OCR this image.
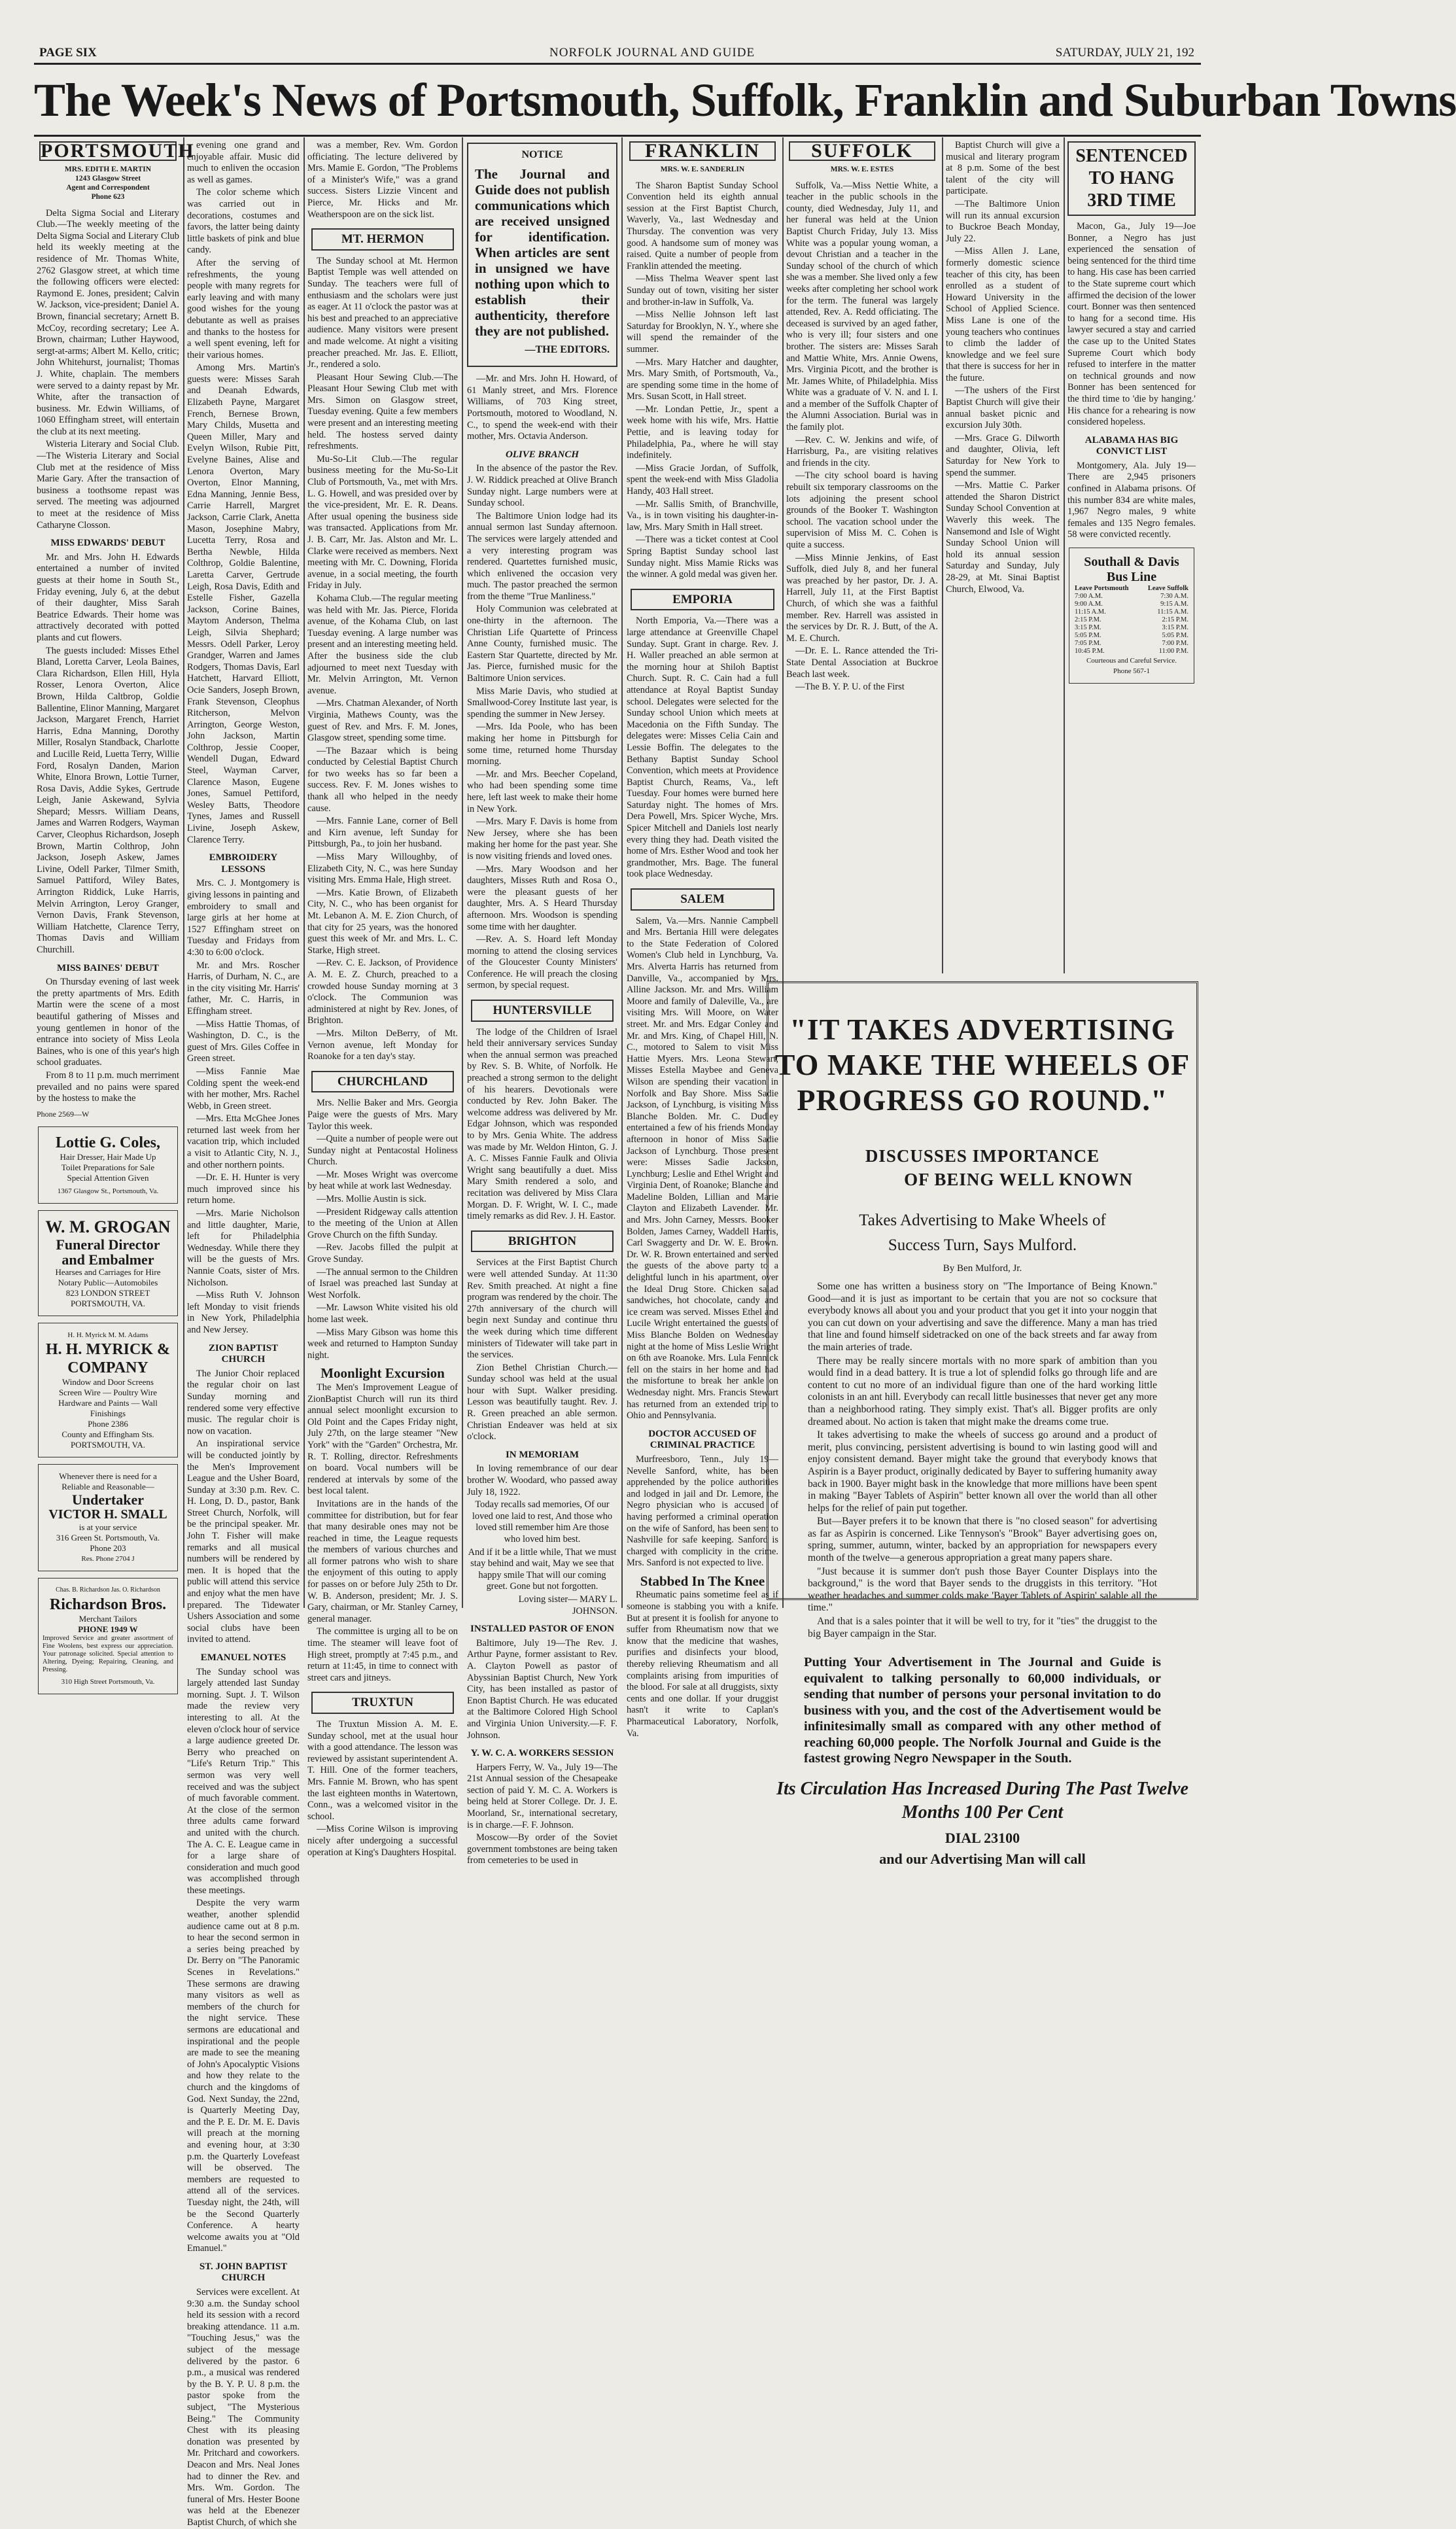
PAGE SIX	NORFOLK JOURNAL AND GUIDE	SATURDAY, JULY 21, 192
The Week's News of Portsmouth, Suffolk, Franklin and Suburban Towns
PORTSMOUTH
MRS. EDITH E. MARTIN
1243 Glasgow Street
Agent and Correspondent
Phone 623

Delta Sigma Social and Literary Club.—The weekly meeting of the Delta Sigma Social and Literary Club held its weekly meeting at the residence of Mr. Thomas White, 2762 Glasgow street, at which time the following officers were elected: Raymond E. Jones, president; Calvin W. Jackson, vice-president; Daniel A. Brown, financial secretary; Arnett B. McCoy, recording secretary; Lee A. Brown, chairman; Luther Haywood, sergt-at-arms; Albert M. Kello, critic; John Whitehurst, journalist; Thomas J. White, chaplain. The members were served to a dainty repast by Mr. White, after the transaction of business. Mr. Edwin Williams, of 1060 Effingham street, will entertain the club at its next meeting.

Wisteria Literary and Social Club.—The Wisteria Literary and Social Club met at the residence of Miss Marie Gary. After the transaction of business a toothsome repast was served. The meeting was adjourned to meet at the residence of Miss Catharyne Closson.

MISS EDWARDS' DEBUT

Mr. and Mrs. John H. Edwards entertained a number of invited guests at their home in South St., Friday evening, July 6, at the debut of their daughter, Miss Sarah Beatrice Edwards. Their home was attractively decorated with potted plants and cut flowers.

The guests included: Misses Ethel Bland, Loretta Carver, Leola Baines, Clara Richardson, Ellen Hill, Hyla Rosser, Lenora Overton, Alice Brown, Hilda Caltbrop, Goldie Ballentine, Elinor Manning, Margaret Jackson, Margaret French, Harriet Harris, Edna Manning, Dorothy Miller, Rosalyn Standback, Charlotte and Lucille Reid, Luetta Terry, Willie Ford, Rosalyn Danden, Marion White, Elnora Brown, Lottie Turner, Rosa Davis, Addie Sykes, Gertrude Leigh, Janie Askewand, Sylvia Shepard; Messrs. William Deans, James and Warren Rodgers, Wayman Carver, Cleophus Richardson, Joseph Brown, Martin Colthrop, John Jackson, Joseph Askew, James Livine, Odell Parker, Tilmer Smith, Samuel Pattiford, Wiley Bates, Arrington Riddick, Luke Harris, Melvin Arrington, Leroy Granger, Vernon Davis, Frank Stevenson, William Hatchette, Clarence Terry, Thomas Davis and William Churchill.

MISS BAINES' DEBUT

On Thursday evening of last week the pretty apartments of Mrs. Edith Martin were the scene of a most beautiful gathering of Misses and young gentlemen in honor of the entrance into society of Miss Leola Baines, who is one of this year's high school graduates.

From 8 to 11 p.m. much merriment prevailed and no pains were spared by the hostess to make the

Phone 2569—W
Lottie G. Coles,
Hair Dresser, Hair Made Up
Toilet Preparations for Sale
Special Attention Given
1367 Glasgow St., Portsmouth, Va.
W. M. GROGAN
Funeral Director
and Embalmer
Hearses and Carriages for Hire
Notary Public—Automobiles
823 LONDON STREET
PORTSMOUTH, VA.
H. H. Myrick M. M. Adams
H. H. MYRICK & COMPANY
Window and Door Screens
Screen Wire — Poultry Wire
Hardware and Paints — Wall Finishings
Phone 2386
County and Effingham Sts.
PORTSMOUTH, VA.
Whenever there is need for a
Reliable and Reasonable—
Undertaker
VICTOR H. SMALL
is at your service
316 Green St. Portsmouth, Va.
Phone 203
Res. Phone 2704 J
Chas. B. Richardson Jas. O. Richardson
Richardson Bros.
Merchant Tailors
PHONE 1949 W
Improved Service and greater assortment of Fine Woolens, best express our appreciation. Your patronage solicited. Special attention to Altering, Dyeing; Repairing, Cleaning, and Pressing.
310 High Street Portsmouth, Va.

evening one grand and enjoyable affair. Music did much to enliven the occasion as well as games.

The color scheme which was carried out in decorations, costumes and favors, the latter being dainty little baskets of pink and blue candy.

After the serving of refreshments, the young people with many regrets for early leaving and with many good wishes for the young debutante as well as praises and thanks to the hostess for a well spent evening, left for their various homes.

Among Mrs. Martin's guests were: Misses Sarah and Deanah Edwards, Elizabeth Payne, Margaret French, Bernese Brown, Mary Childs, Musetta and Queen Miller, Mary and Evelyn Wilson, Rubie Pitt, Evelyne Baines, Alise and Lenora Overton, Mary Overton, Elnor Manning, Edna Manning, Jennie Bess, Carrie Harrell, Margret Jackson, Carrie Clark, Anetta Mason, Josephine Mabry, Lucetta Terry, Rosa and Bertha Newble, Hilda Colthrop, Goldie Balentine, Laretta Carver, Gertrude Leigh, Rosa Davis, Edith and Estelle Fisher, Gazella Jackson, Corine Baines, Maytom Anderson, Thelma Leigh, Silvia Shephard; Messrs. Odell Parker, Leroy Grandger, Warren and James Rodgers, Thomas Davis, Earl Hatchett, Harvard Elliott, Ocie Sanders, Joseph Brown, Frank Stevenson, Cleophus Ritcherson, Melvon Arrington, George Weston, John Jackson, Martin Colthrop, Jessie Cooper, Wendell Dugan, Edward Steel, Wayman Carver, Clarence Mason, Eugene Jones, Samuel Pettiford, Wesley Batts, Theodore Tynes, James and Russell Livine, Joseph Askew, Clarence Terry.

EMBROIDERY LESSONS

Mrs. C. J. Montgomery is giving lessons in painting and embroidery to small and large girls at her home at 1527 Effingham street on Tuesday and Fridays from 4:30 to 6:00 o'clock.

Mr. and Mrs. Roscher Harris, of Durham, N. C., are in the city visiting Mr. Harris' father, Mr. C. Harris, in Effingham street.

—Miss Hattie Thomas, of Washington, D. C., is the guest of Mrs. Giles Coffee in Green street.

—Miss Fannie Mae Colding spent the week-end with her mother, Mrs. Rachel Webb, in Green street.

—Mrs. Etta McGhee Jones returned last week from her vacation trip, which included a visit to Atlantic City, N. J., and other northern points.

—Dr. E. H. Hunter is very much improved since his return home.

—Mrs. Marie Nicholson and little daughter, Marie, left for Philadelphia Wednesday. While there they will be the guests of Mrs. Nannie Coats, sister of Mrs. Nicholson.

—Miss Ruth V. Johnson left Monday to visit friends in New York, Philadelphia and New Jersey.

ZION BAPTIST CHURCH

The Junior Choir replaced the regular choir on last Sunday morning and rendered some very effective music. The regular choir is now on vacation.

An inspirational service will be conducted jointly by the Men's Improvement League and the Usher Board, Sunday at 3:30 p.m. Rev. C. H. Long, D. D., pastor, Bank Street Church, Norfolk, will be the principal speaker. Mr. John T. Fisher will make remarks and all musical numbers will be rendered by men. It is hoped that the public will attend this service and enjoy what the men have prepared. The Tidewater Ushers Association and some social clubs have been invited to attend.

EMANUEL NOTES

The Sunday school was largely attended last Sunday morning. Supt. J. T. Wilson made the review very interesting to all. At the eleven o'clock hour of service a large audience greeted Dr. Berry who preached on "Life's Return Trip." This sermon was very well received and was the subject of much favorable comment. At the close of the sermon three adults came forward and united with the church. The A. C. E. League came in for a large share of consideration and much good was accomplished through these meetings.

Despite the very warm weather, another splendid audience came out at 8 p.m. to hear the second sermon in a series being preached by Dr. Berry on "The Panoramic Scenes in Revelations." These sermons are drawing many visitors as well as members of the church for the night service. These sermons are educational and inspirational and the people are made to see the meaning of John's Apocalyptic Visions and how they relate to the church and the kingdoms of God. Next Sunday, the 22nd, is Quarterly Meeting Day, and the P. E. Dr. M. E. Davis will preach at the morning and evening hour, at 3:30 p.m. the Quarterly Lovefeast will be observed. The members are requested to attend all of the services. Tuesday night, the 24th, will be the Second Quarterly Conference. A hearty welcome awaits you at "Old Emanuel."

ST. JOHN BAPTIST CHURCH

Services were excellent. At 9:30 a.m. the Sunday school held its session with a record breaking attendance. 11 a.m. "Touching Jesus," was the subject of the message delivered by the pastor. 6 p.m., a musical was rendered by the B. Y. P. U. 8 p.m. the pastor spoke from the subject, "The Mysterious Being." The Community Chest with its pleasing donation was presented by Mr. Pritchard and coworkers. Deacon and Mrs. Neal Jones had to dinner the Rev. and Mrs. Wm. Gordon. The funeral of Mrs. Hester Boone was held at the Ebenezer Baptist Church, of which she

was a member, Rev. Wm. Gordon officiating. The lecture delivered by Mrs. Mamie E. Gordon, "The Problems of a Minister's Wife," was a grand success. Sisters Lizzie Vincent and Pierce, Mr. Hicks and Mr. Weatherspoon are on the sick list.

MT. HERMON

The Sunday school at Mt. Hermon Baptist Temple was well attended on Sunday. The teachers were full of enthusiasm and the scholars were just as eager. At 11 o'clock the pastor was at his best and preached to an appreciative audience. Many visitors were present and made welcome. At night a visiting preacher preached. Mr. Jas. E. Elliott, Jr., rendered a solo.

Pleasant Hour Sewing Club.—The Pleasant Hour Sewing Club met with Mrs. Simon on Glasgow street, Tuesday evening. Quite a few members were present and an interesting meeting held. The hostess served dainty refreshments.

Mu-So-Lit Club.—The regular business meeting for the Mu-So-Lit Club of Portsmouth, Va., met with Mrs. L. G. Howell, and was presided over by the vice-president, Mr. E. R. Deans. After usual opening the business side was transacted. Applications from Mr. J. B. Carr, Mr. Jas. Alston and Mr. L. Clarke were received as members. Next meeting with Mr. C. Downing, Florida avenue, in a social meeting, the fourth Friday in July.

Kohama Club.—The regular meeting was held with Mr. Jas. Pierce, Florida avenue, of the Kohama Club, on last Tuesday evening. A large number was present and an interesting meeting held. After the business side the club adjourned to meet next Tuesday with Mr. Melvin Arrington, Mt. Vernon avenue.

—Mrs. Chatman Alexander, of North Virginia, Mathews County, was the guest of Rev. and Mrs. F. M. Jones, Glasgow street, spending some time.

—The Bazaar which is being conducted by Celestial Baptist Church for two weeks has so far been a success. Rev. F. M. Jones wishes to thank all who helped in the needy cause.

—Mrs. Fannie Lane, corner of Bell and Kirn avenue, left Sunday for Pittsburgh, Pa., to join her husband.

—Miss Mary Willoughby, of Elizabeth City, N. C., was here Sunday visiting Mrs. Emma Hale, High street.

—Mrs. Katie Brown, of Elizabeth City, N. C., who has been organist for Mt. Lebanon A. M. E. Zion Church, of that city for 25 years, was the honored guest this week of Mr. and Mrs. L. C. Starke, High street.

—Rev. C. E. Jackson, of Providence A. M. E. Z. Church, preached to a crowded house Sunday morning at 3 o'clock. The Communion was administered at night by Rev. Jones, of Brighton.

—Mrs. Milton DeBerry, of Mt. Vernon avenue, left Monday for Roanoke for a ten day's stay.

CHURCHLAND

Mrs. Nellie Baker and Mrs. Georgia Paige were the guests of Mrs. Mary Taylor this week.

—Quite a number of people were out Sunday night at Pentacostal Holiness Church.

—Mr. Moses Wright was overcome by heat while at work last Wednesday.

—Mrs. Mollie Austin is sick.

—President Ridgeway calls attention to the meeting of the Union at Allen Grove Church on the fifth Sunday.

—Rev. Jacobs filled the pulpit at Grove Sunday.

—The annual sermon to the Children of Israel was preached last Sunday at West Norfolk.

—Mr. Lawson White visited his old home last week.

—Miss Mary Gibson was home this week and returned to Hampton Sunday night.

Moonlight Excursion

The Men's Improvement League of ZionBaptist Church will run its third annual select moonlight excursion to Old Point and the Capes Friday night, July 27th, on the large steamer "New York" with the "Garden" Orchestra, Mr. R. T. Rolling, director. Refreshments on board. Vocal numbers will be rendered at intervals by some of the best local talent.

Invitations are in the hands of the committee for distribution, but for fear that many desirable ones may not be reached in time, the League requests the members of various churches and all former patrons who wish to share the enjoyment of this outing to apply for passes on or before July 25th to Dr. W. B. Anderson, president; Mr. J. S. Gary, chairman, or Mr. Stanley Carney, general manager.

The committee is urging all to be on time. The steamer will leave foot of High street, promptly at 7:45 p.m., and return at 11:45, in time to connect with street cars and jitneys.

TRUXTUN

The Truxtun Mission A. M. E. Sunday school, met at the usual hour with a good attendance. The lesson was reviewed by assistant superintendent A. T. Hill. One of the former teachers, Mrs. Fannie M. Brown, who has spent the last eighteen months in Watertown, Conn., was a welcomed visitor in the school.

—Miss Corine Wilson is improving nicely after undergoing a successful operation at King's Daughters Hospital.

NOTICE
The Journal and Guide does not publish communications which are received unsigned for identification. When articles are sent in unsigned we have nothing upon which to establish their authenticity, therefore they are not published.
—THE EDITORS.

—Mr. and Mrs. John H. Howard, of 61 Manly street, and Mrs. Florence Williams, of 703 King street, Portsmouth, motored to Woodland, N. C., to spend the week-end with their mother, Mrs. Octavia Anderson.

OLIVE BRANCH

In the absence of the pastor the Rev. J. W. Riddick preached at Olive Branch Sunday night. Large numbers were at Sunday school.

The Baltimore Union lodge had its annual sermon last Sunday afternoon. The services were largely attended and a very interesting program was rendered. Quartettes furnished music, which enlivened the occasion very much. The pastor preached the sermon from the theme "True Manliness."

Holy Communion was celebrated at one-thirty in the afternoon. The Christian Life Quartette of Princess Anne County, furnished music. The Eastern Star Quartette, directed by Mr. Jas. Pierce, furnished music for the Baltimore Union services.

Miss Marie Davis, who studied at Smallwood-Corey Institute last year, is spending the summer in New Jersey.

—Mrs. Ida Poole, who has been making her home in Pittsburgh for some time, returned home Thursday morning.

—Mr. and Mrs. Beecher Copeland, who had been spending some time here, left last week to make their home in New York.

—Mrs. Mary F. Davis is home from New Jersey, where she has been making her home for the past year. She is now visiting friends and loved ones.

—Mrs. Mary Woodson and her daughters, Misses Ruth and Rosa O., were the pleasant guests of her daughter, Mrs. A. S Heard Thursday afternoon. Mrs. Woodson is spending some time with her daughter.

—Rev. A. S. Hoard left Monday morning to attend the closing services of the Gloucester County Ministers' Conference. He will preach the closing sermon, by special request.

HUNTERSVILLE

The lodge of the Children of Israel held their anniversary services Sunday when the annual sermon was preached by Rev. S. B. White, of Norfolk. He preached a strong sermon to the delight of his hearers. Devotionals were conducted by Rev. John Baker. The welcome address was delivered by Mr. Edgar Johnson, which was responded to by Mrs. Genia White. The address was made by Mr. Weldon Hinton, G. J. A. C. Misses Fannie Faulk and Olivia Wright sang beautifully a duet. Miss Mary Smith rendered a solo, and recitation was delivered by Miss Clara Morgan. D. F. Wright, W. I. C., made timely remarks as did Rev. J. H. Eastor.

BRIGHTON

Services at the First Baptist Church were well attended Sunday. At 11:30 Rev. Smith preached. At night a fine program was rendered by the choir. The 27th anniversary of the church will begin next Sunday and continue thru the week during which time different ministers of Tidewater will take part in the services.

Zion Bethel Christian Church.—Sunday school was held at the usual hour with Supt. Walker presiding. Lesson was beautifully taught. Rev. J. R. Green preached an able sermon. Christian Endeaver was held at six o'clock.

IN MEMORIAM

In loving remembrance of our dear brother W. Woodard, who passed away July 18, 1922.

Today recalls sad memories, Of our loved one laid to rest, And those who loved still remember him Are those who loved him best.

And if it be a little while, That we must stay behind and wait, May we see that happy smile That will our coming greet. Gone but not forgotten.

Loving sister— MARY L. JOHNSON.

INSTALLED PASTOR OF ENON

Baltimore, July 19—The Rev. J. Arthur Payne, former assistant to Rev. A. Clayton Powell as pastor of Abyssinian Baptist Church, New York City, has been installed as pastor of Enon Baptist Church. He was educated at the Baltimore Colored High School and Virginia Union University.—F. F. Johnson.

Y. W. C. A. WORKERS SESSION

Harpers Ferry, W. Va., July 19—The 21st Annual session of the Chesapeake section of paid Y. M. C. A. Workers is being held at Storer College. Dr. J. E. Moorland, Sr., international secretary, is in charge.—F. F. Johnson.

Moscow—By order of the Soviet government tombstones are being taken from cemeteries to be used in

FRANKLIN
MRS. W. E. SANDERLIN

The Sharon Baptist Sunday School Convention held its eighth annual session at the First Baptist Church, Waverly, Va., last Wednesday and Thursday. The convention was very good. A handsome sum of money was raised. Quite a number of people from Franklin attended the meeting.

—Miss Thelma Weaver spent last Sunday out of town, visiting her sister and brother-in-law in Suffolk, Va.

—Miss Nellie Johnson left last Saturday for Brooklyn, N. Y., where she will spend the remainder of the summer.

—Mrs. Mary Hatcher and daughter, Mrs. Mary Smith, of Portsmouth, Va., are spending some time in the home of Mrs. Susan Scott, in Hall street.

—Mr. Londan Pettie, Jr., spent a week home with his wife, Mrs. Hattie Pettie, and is leaving today for Philadelphia, Pa., where he will stay indefinitely.

—Miss Gracie Jordan, of Suffolk, spent the week-end with Miss Gladolia Handy, 403 Hall street.

—Mr. Sallis Smith, of Branchville, Va., is in town visiting his daughter-in-law, Mrs. Mary Smith in Hall street.

—There was a ticket contest at Cool Spring Baptist Sunday school last Sunday night. Miss Mamie Ricks was the winner. A gold medal was given her.

EMPORIA

North Emporia, Va.—There was a large attendance at Greenville Chapel Sunday. Supt. Grant in charge. Rev. J. H. Waller preached an able sermon at the morning hour at Shiloh Baptist Church. Supt. R. C. Cain had a full attendance at Royal Baptist Sunday school. Delegates were selected for the Sunday school Union which meets at Macedonia on the Fifth Sunday. The delegates were: Misses Celia Cain and Lessie Boffin. The delegates to the Bethany Baptist Sunday School Convention, which meets at Providence Baptist Church, Reams, Va., left Tuesday. Four homes were burned here Saturday night. The homes of Mrs. Dera Powell, Mrs. Spicer Wyche, Mrs. Spicer Mitchell and Daniels lost nearly every thing they had. Death visited the home of Mrs. Esther Wood and took her grandmother, Mrs. Bage. The funeral took place Wednesday.

SALEM

Salem, Va.—Mrs. Nannie Campbell and Mrs. Bertania Hill were delegates to the State Federation of Colored Women's Club held in Lynchburg, Va. Mrs. Alverta Harris has returned from Danville, Va., accompanied by Mrs. Alline Jackson. Mr. and Mrs. William Moore and family of Daleville, Va., are visiting Mrs. Will Moore, on Water street. Mr. and Mrs. Edgar Conley and Mr. and Mrs. King, of Chapel Hill, N. C., motored to Salem to visit Miss Hattie Myers. Mrs. Leona Stewart, Misses Estella Maybee and Geneva Wilson are spending their vacation in Norfolk and Bay Shore. Miss Sadie Jackson, of Lynchburg, is visiting Miss Blanche Bolden. Mr. C. Dudley entertained a few of his friends Monday afternoon in honor of Miss Sadie Jackson of Lynchburg. Those present were: Misses Sadie Jackson, Lynchburg; Leslie and Ethel Wright and Virginia Dent, of Roanoke; Blanche and Madeline Bolden, Lillian and Marie Clayton and Elizabeth Lavender. Mr. and Mrs. John Carney, Messrs. Booker Bolden, James Carney, Waddell Harris, Carl Swaggerty and Dr. W. E. Brown. Dr. W. R. Brown entertained and served the guests of the above party to a delightful lunch in his apartment, over the Ideal Drug Store. Chicken salad sandwiches, hot chocolate, candy and ice cream was served. Misses Ethel and Lucile Wright entertained the guests of Miss Blanche Bolden on Wednesday night at the home of Miss Leslie Wright on 6th ave Roanoke. Mrs. Lula Fennick fell on the stairs in her home and had the misfortune to break her ankle on Wednesday night. Mrs. Francis Stewart has returned from an extended trip to Ohio and Pennsylvania.

DOCTOR ACCUSED OF CRIMINAL PRACTICE

Murfreesboro, Tenn., July 19—Nevelle Sanford, white, has been apprehended by the police authorities and lodged in jail and Dr. Lemore, the Negro physician who is accused of having performed a criminal operation on the wife of Sanford, has been sent to Nashville for safe keeping. Sanford is charged with complicity in the crime. Mrs. Sanford is not expected to live.

Stabbed In The Knee

Rheumatic pains sometime feel as if someone is stabbing you with a knife. But at present it is foolish for anyone to suffer from Rheumatism now that we know that the medicine that washes, purifies and disinfects your blood, thereby relieving Rheumatism and all complaints arising from impurities of the blood. For sale at all druggists, sixty cents and one dollar. If your druggist hasn't it write to Caplan's Pharmaceutical Laboratory, Norfolk, Va.

SUFFOLK
MRS. W. E. ESTES

Suffolk, Va.—Miss Nettie White, a teacher in the public schools in the county, died Wednesday, July 11, and her funeral was held at the Union Baptist Church Friday, July 13. Miss White was a popular young woman, a devout Christian and a teacher in the Sunday school of the church of which she was a member. She lived only a few weeks after completing her school work for the term. The funeral was largely attended, Rev. A. Redd officiating. The deceased is survived by an aged father, who is very ill; four sisters and one brother. The sisters are: Misses Sarah and Mattie White, Mrs. Annie Owens, Mrs. Virginia Picott, and the brother is Mr. James White, of Philadelphia. Miss White was a graduate of V. N. and I. I. and a member of the Suffolk Chapter of the Alumni Association. Burial was in the family plot.

—Rev. C. W. Jenkins and wife, of Harrisburg, Pa., are visiting relatives and friends in the city.

—The city school board is having rebuilt six temporary classrooms on the lots adjoining the present school grounds of the Booker T. Washington school. The vacation school under the supervision of Miss M. C. Cohen is quite a success.

—Miss Minnie Jenkins, of East Suffolk, died July 8, and her funeral was preached by her pastor, Dr. J. A. Harrell, July 11, at the First Baptist Church, of which she was a faithful member. Rev. Harrell was assisted in the services by Dr. R. J. Butt, of the A. M. E. Church.

—Dr. E. L. Rance attended the Tri-State Dental Association at Buckroe Beach last week.

—The B. Y. P. U. of the First

Baptist Church will give a musical and literary program at 8 p.m. Some of the best talent of the city will participate.

—The Baltimore Union will run its annual excursion to Buckroe Beach Monday, July 22.

—Miss Allen J. Lane, formerly domestic science teacher of this city, has been enrolled as a student of Howard University in the School of Applied Science. Miss Lane is one of the young teachers who continues to climb the ladder of knowledge and we feel sure that there is success for her in the future.

—The ushers of the First Baptist Church will give their annual basket picnic and excursion July 30th.

—Mrs. Grace G. Dilworth and daughter, Olivia, left Saturday for New York to spend the summer.

—Mrs. Mattie C. Parker attended the Sharon District Sunday School Convention at Waverly this week. The Nansemond and Isle of Wight Sunday School Union will hold its annual session Saturday and Sunday, July 28-29, at Mt. Sinai Baptist Church, Elwood, Va.

SENTENCED TO HANG 3RD TIME

Macon, Ga., July 19—Joe Bonner, a Negro has just experienced the sensation of being sentenced for the third time to hang. His case has been carried to the State supreme court which affirmed the decision of the lower court. Bonner was then sentenced to hang for a second time. His lawyer secured a stay and carried the case up to the United States Supreme Court which body refused to interfere in the matter on technical grounds and now Bonner has been sentenced for the third time to 'die by hanging.' His chance for a rehearing is now considered hopeless.

ALABAMA HAS BIG CONVICT LIST

Montgomery, Ala. July 19—There are 2,945 prisoners confined in Alabama prisons. Of this number 834 are white males, 1,967 Negro males, 9 white females and 135 Negro females. 58 were convicted recently.

Southall & Davis Bus Line
Leave Portsmouth	Leave Suffolk
7:00 A.M.	7:30 A.M.
9:00 A.M.	9:15 A.M.
11:15 A.M.	11:15 A.M.
2:15 P.M.	2:15 P.M.
3:15 P.M.	3:15 P.M.
5:05 P.M.	5:05 P.M.
7:05 P.M.	7:00 P.M.
10:45 P.M.	11:00 P.M.
Courteous and Careful Service.
Phone 567-1
"IT TAKES ADVERTISING TO MAKE THE WHEELS OF PROGRESS GO ROUND."
DISCUSSES IMPORTANCE
OF BEING WELL KNOWN
Takes Advertising to Make Wheels of
Success Turn, Says Mulford.
By Ben Mulford, Jr.

Some one has written a business story on "The Importance of Being Known." Good—and it is just as important to be certain that you are not so cocksure that everybody knows all about you and your product that you get it into your noggin that you can cut down on your advertising and save the difference. Many a man has tried that line and found himself sidetracked on one of the back streets and far away from the main arteries of trade.

There may be really sincere mortals with no more spark of ambition than you would find in a dead battery. It is true a lot of splendid folks go through life and are content to cut no more of an individual figure than one of the hard working little colonists in an ant hill. Everybody can recall little businesses that never get any more than a neighborhood rating. They simply exist. That's all. Bigger profits are only dreamed about. No action is taken that might make the dreams come true.

It takes advertising to make the wheels of success go around and a product of merit, plus convincing, persistent advertising is bound to win lasting good will and enjoy consistent demand. Bayer might take the ground that everybody knows that Aspirin is a Bayer product, originally dedicated by Bayer to suffering humanity away back in 1900. Bayer might bask in the knowledge that more millions have been spent in making "Bayer Tablets of Aspirin" better known all over the world than all other helps for the relief of pain put together.

But—Bayer prefers it to be known that there is "no closed season" for advertising as far as Aspirin is concerned. Like Tennyson's "Brook" Bayer advertising goes on, spring, summer, autumn, winter, backed by an appropriation for newspapers every month of the twelve—a generous appropriation a great many papers share.

"Just because it is summer don't push those Bayer Counter Displays into the background," is the word that Bayer sends to the druggists in this territory. "Hot weather headaches and summer colds make 'Bayer Tablets of Aspirin' salable all the time."

And that is a sales pointer that it will be well to try, for it "ties" the druggist to the big Bayer campaign in the Star.

Putting Your Advertisement in The Journal and Guide is equivalent to talking personally to 60,000 individuals, or sending that number of persons your personal invitation to do business with you, and the cost of the Advertisement would be infinitesimally small as compared with any other method of reaching 60,000 people. The Norfolk Journal and Guide is the fastest growing Negro Newspaper in the South.
Its Circulation Has Increased During The Past Twelve Months 100 Per Cent
DIAL 23100
and our Advertising Man will call
